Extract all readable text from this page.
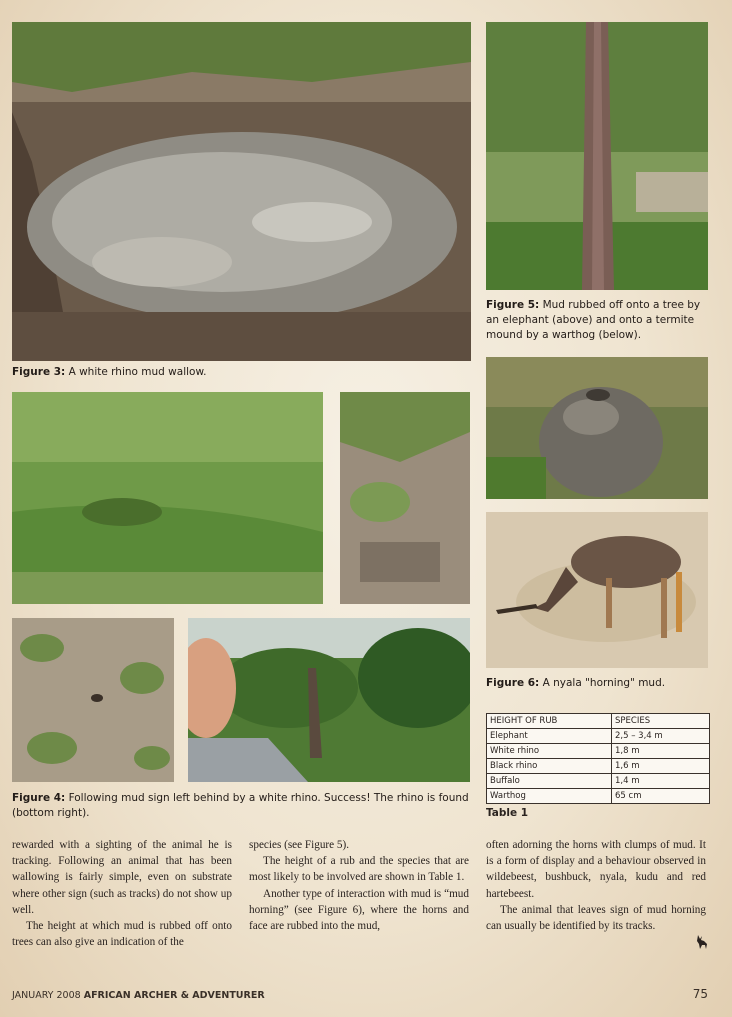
Figure 3: A white rhino mud wallow.
Figure 5: Mud rubbed off onto a tree by an elephant (above) and onto a termite mound by a warthog (below).
Figure 4: Following mud sign left behind by a white rhino. Success! The rhino is found (bottom right).
Figure 6: A nyala "horning" mud.
HEIGHT OF RUB	SPECIES
Elephant	2,5 – 3,4 m
White rhino	1,8 m
Black rhino	1,6 m
Buffalo	1,4 m
Warthog	65 cm
Table 1

rewarded with a sighting of the animal he is tracking. Following an animal that has been wallowing is fairly simple, even on substrate where other sign (such as tracks) do not show up well.

The height at which mud is rubbed off onto trees can also give an indication of the

species (see Figure 5).

The height of a rub and the species that are most likely to be involved are shown in Table 1.

Another type of interaction with mud is “mud horning” (see Figure 6), where the horns and face are rubbed into the mud,

often adorning the horns with clumps of mud. It is a form of display and a behaviour observed in wildebeest, bushbuck, nyala, kudu and red hartebeest.

The animal that leaves sign of mud horning can usually be identified by its tracks.

JANUARY 2008 AFRICAN ARCHER & ADVENTURER	75
